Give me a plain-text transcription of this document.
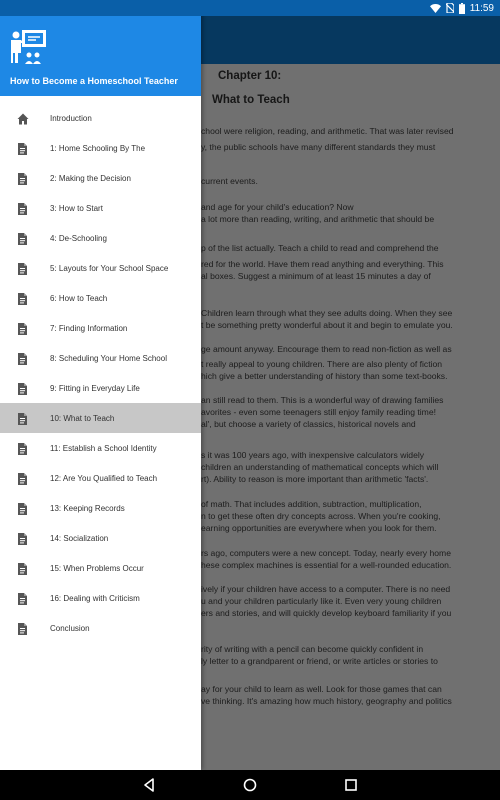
11:59
How to Become a Homeschool Teacher
Introduction
1: Home Schooling By The
2: Making the Decision
3: How to Start
4: De-Schooling
5: Layouts for Your School Space
6: How to Teach
7: Finding Information
8: Scheduling Your Home School
9: Fitting in Everyday Life
10: What to Teach
11: Establish a School Identity
12: Are You Qualified to Teach
13: Keeping Records
14: Socialization
15: When Problems Occur
16: Dealing with Criticism
Conclusion
